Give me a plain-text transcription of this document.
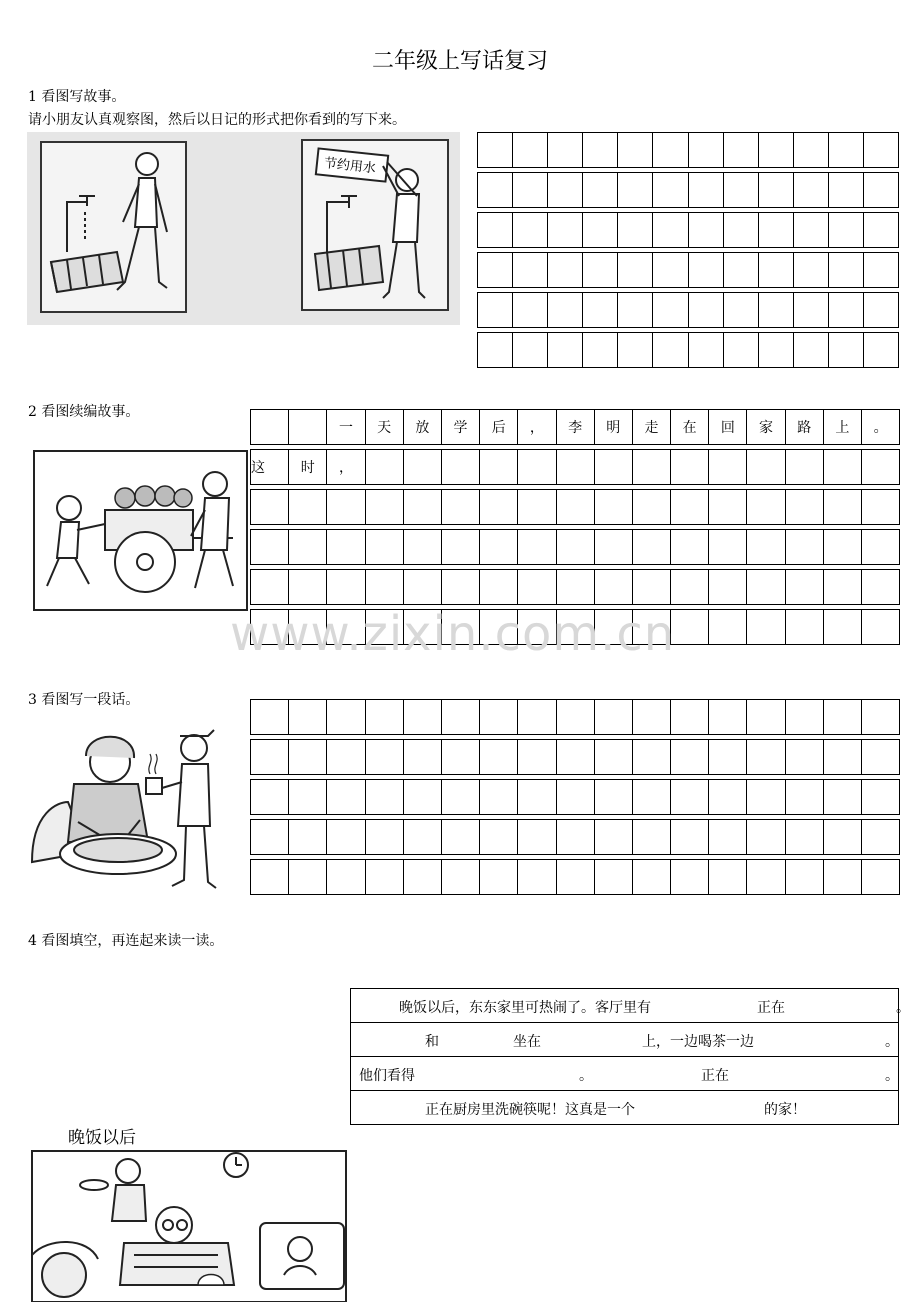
二年级上写话复习
1 看图写故事。
请小朋友认真观察图，然后以日记的形式把你看到的写下来。
节约用水

2 看图续编故事。
		一	天	放	学	后	，	李	明	走	在	回	家	路	上	。

这	时	，														

www.zixin.com.cn
3 看图写一段话。

4 看图填空，再连起来读一读。
晚饭以后，东东家里可热闹了。客厅里有	正在	。

和	坐在	上，一边喝茶一边	。

他们看得	。	正在	。

正在厨房里洗碗筷呢！这真是一个	的家！
晚饭以后
